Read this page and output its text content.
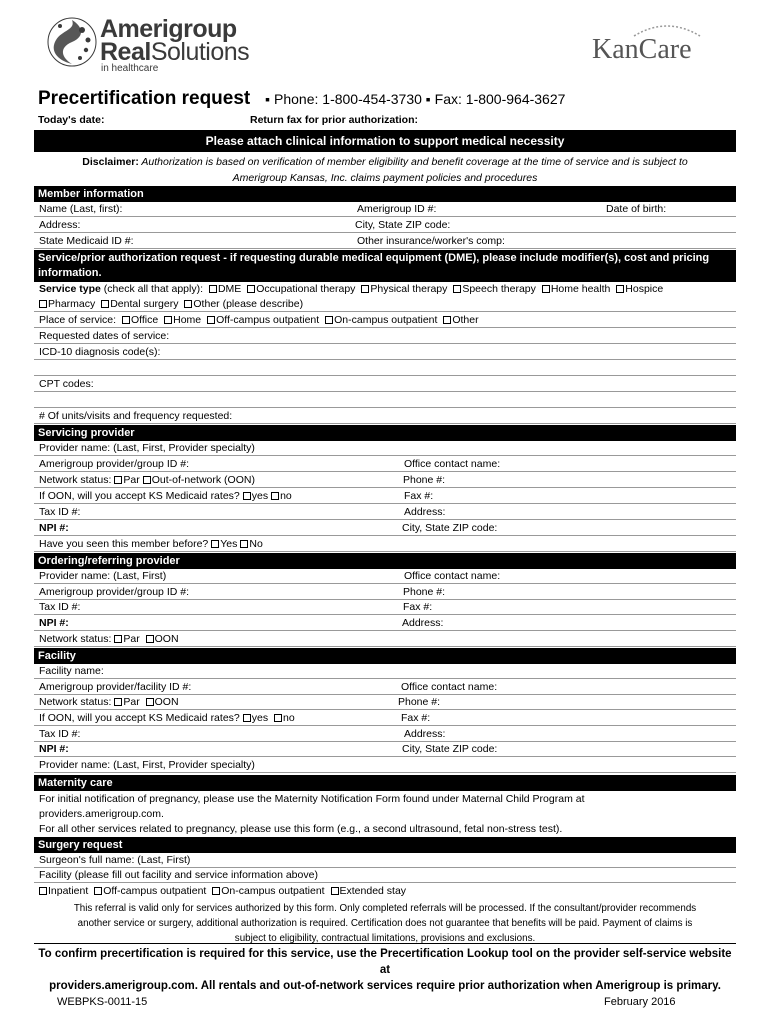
Amerigroup
RealSolutions
in healthcare
KanCare
Precertification request ▪ Phone: 1-800-454-3730 ▪ Fax: 1-800-964-3627
Today's date:	Return fax for prior authorization:
Please attach clinical information to support medical necessity
Disclaimer: Authorization is based on verification of member eligibility and benefit coverage at the time of service and is subject to
Amerigroup Kansas, Inc. claims payment policies and procedures
Member information
Name (Last, first):	Amerigroup ID #:	Date of birth:
Address:	City, State ZIP code:
State Medicaid ID #:	Other insurance/worker's comp:
Service/prior authorization request - if requesting durable medical equipment (DME), please include modifier(s), cost and pricing
information.
Service type (check all that apply): DME Occupational therapy Physical therapy Speech therapy Home health Hospice
Pharmacy Dental surgery Other (please describe)
Place of service: Office Home Off-campus outpatient On-campus outpatient Other
Requested dates of service:
ICD-10 diagnosis code(s):
CPT codes:
# Of units/visits and frequency requested:
Servicing provider
Provider name: (Last, First, Provider specialty)
Amerigroup provider/group ID #:	Office contact name:
Network status: Par Out-of-network (OON)	Phone #:
If OON, will you accept KS Medicaid rates? yes no	Fax #:
Tax ID #:	Address:
NPI #:	City, State ZIP code:
Have you seen this member before? Yes No
Ordering/referring provider
Provider name: (Last, First)	Office contact name:
Amerigroup provider/group ID #:	Phone #:
Tax ID #:	Fax #:
NPI #:	Address:
Network status: Par OON
Facility
Facility name:
Amerigroup provider/facility ID #:	Office contact name:
Network status: Par OON	Phone #:
If OON, will you accept KS Medicaid rates? yes no	Fax #:
Tax ID #:	Address:
NPI #:	City, State ZIP code:
Provider name: (Last, First, Provider specialty)
Maternity care
For initial notification of pregnancy, please use the Maternity Notification Form found under Maternal Child Program at
providers.amerigroup.com.
For all other services related to pregnancy, please use this form (e.g., a second ultrasound, fetal non-stress test).
Surgery request
Surgeon's full name: (Last, First)
Facility (please fill out facility and service information above)
Inpatient Off-campus outpatient On-campus outpatient Extended stay
This referral is valid only for services authorized by this form. Only completed referrals will be processed. If the consultant/provider recommends
another service or surgery, additional authorization is required. Certification does not guarantee that benefits will be paid. Payment of claims is
subject to eligibility, contractual limitations, provisions and exclusions.
To confirm precertification is required for this service, use the Precertification Lookup tool on the provider self-service website at
providers.amerigroup.com. All rentals and out-of-network services require prior authorization when Amerigroup is primary.
WEBPKS-0011-15	February 2016
